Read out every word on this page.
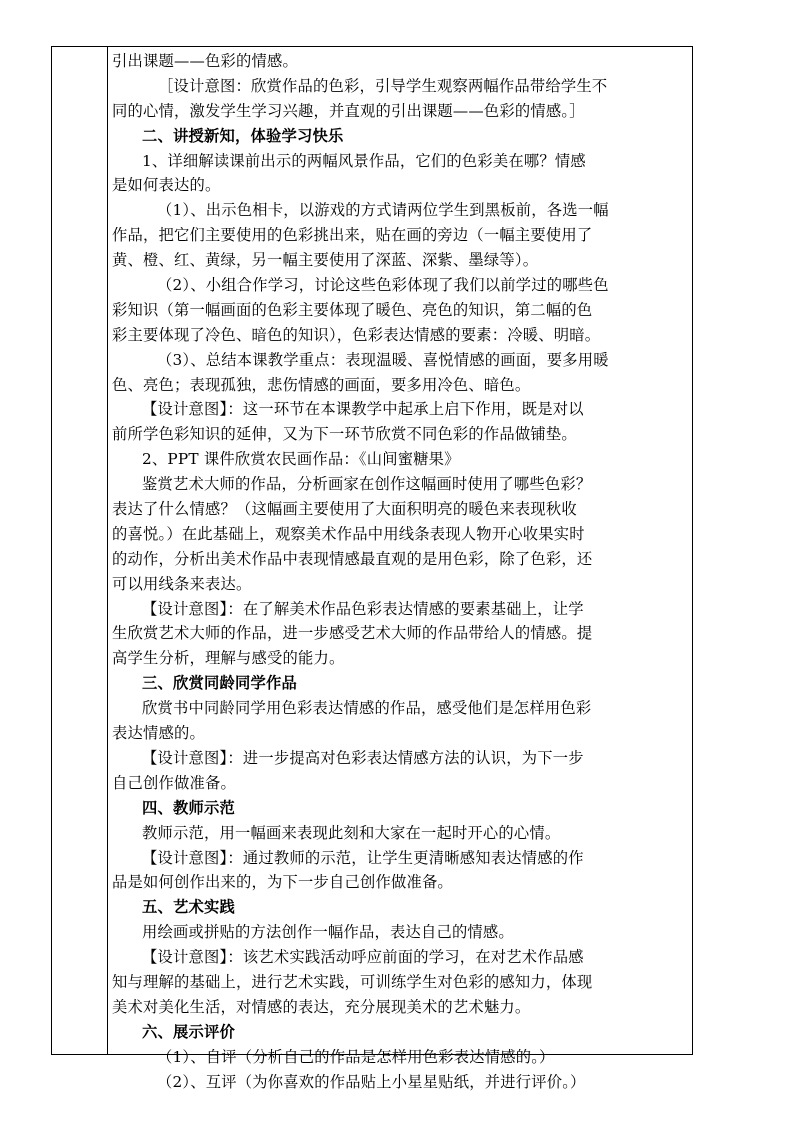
引出课题——色彩的情感。
［设计意图：欣赏作品的色彩，引导学生观察两幅作品带给学生不
同的心情，激发学生学习兴趣，并直观的引出课题——色彩的情感。］
二、讲授新知，体验学习快乐
1、详细解读课前出示的两幅风景作品，它们的色彩美在哪？情感
是如何表达的。
（1）、出示色相卡，以游戏的方式请两位学生到黑板前，各选一幅
作品，把它们主要使用的色彩挑出来，贴在画的旁边（一幅主要使用了
黄、橙、红、黄绿，另一幅主要使用了深蓝、深紫、墨绿等）。
（2）、小组合作学习，讨论这些色彩体现了我们以前学过的哪些色
彩知识（第一幅画面的色彩主要体现了暖色、亮色的知识，第二幅的色
彩主要体现了冷色、暗色的知识），色彩表达情感的要素：冷暖、明暗。
（3）、总结本课教学重点：表现温暖、喜悦情感的画面，要多用暖
色、亮色；表现孤独，悲伤情感的画面，要多用冷色、暗色。
【设计意图】：这一环节在本课教学中起承上启下作用，既是对以
前所学色彩知识的延伸，又为下一环节欣赏不同色彩的作品做铺垫。
2、PPT 课件欣赏农民画作品：《山间蜜糖果》
鉴赏艺术大师的作品，分析画家在创作这幅画时使用了哪些色彩？
表达了什么情感？（这幅画主要使用了大面积明亮的暖色来表现秋收
的喜悦。）在此基础上，观察美术作品中用线条表现人物开心收果实时
的动作，分析出美术作品中表现情感最直观的是用色彩，除了色彩，还
可以用线条来表达。
【设计意图】：在了解美术作品色彩表达情感的要素基础上，让学
生欣赏艺术大师的作品，进一步感受艺术大师的作品带给人的情感。提
高学生分析，理解与感受的能力。
三、欣赏同龄同学作品
欣赏书中同龄同学用色彩表达情感的作品，感受他们是怎样用色彩
表达情感的。
【设计意图】：进一步提高对色彩表达情感方法的认识，为下一步
自己创作做准备。
四、教师示范
教师示范，用一幅画来表现此刻和大家在一起时开心的心情。
【设计意图】：通过教师的示范，让学生更清晰感知表达情感的作
品是如何创作出来的，为下一步自己创作做准备。
五、艺术实践
用绘画或拼贴的方法创作一幅作品，表达自己的情感。
【设计意图】：该艺术实践活动呼应前面的学习，在对艺术作品感
知与理解的基础上，进行艺术实践，可训练学生对色彩的感知力，体现
美术对美化生活，对情感的表达，充分展现美术的艺术魅力。
六、展示评价
（1）、自评（分析自己的作品是怎样用色彩表达情感的。）
（2）、互评（为你喜欢的作品贴上小星星贴纸，并进行评价。）
